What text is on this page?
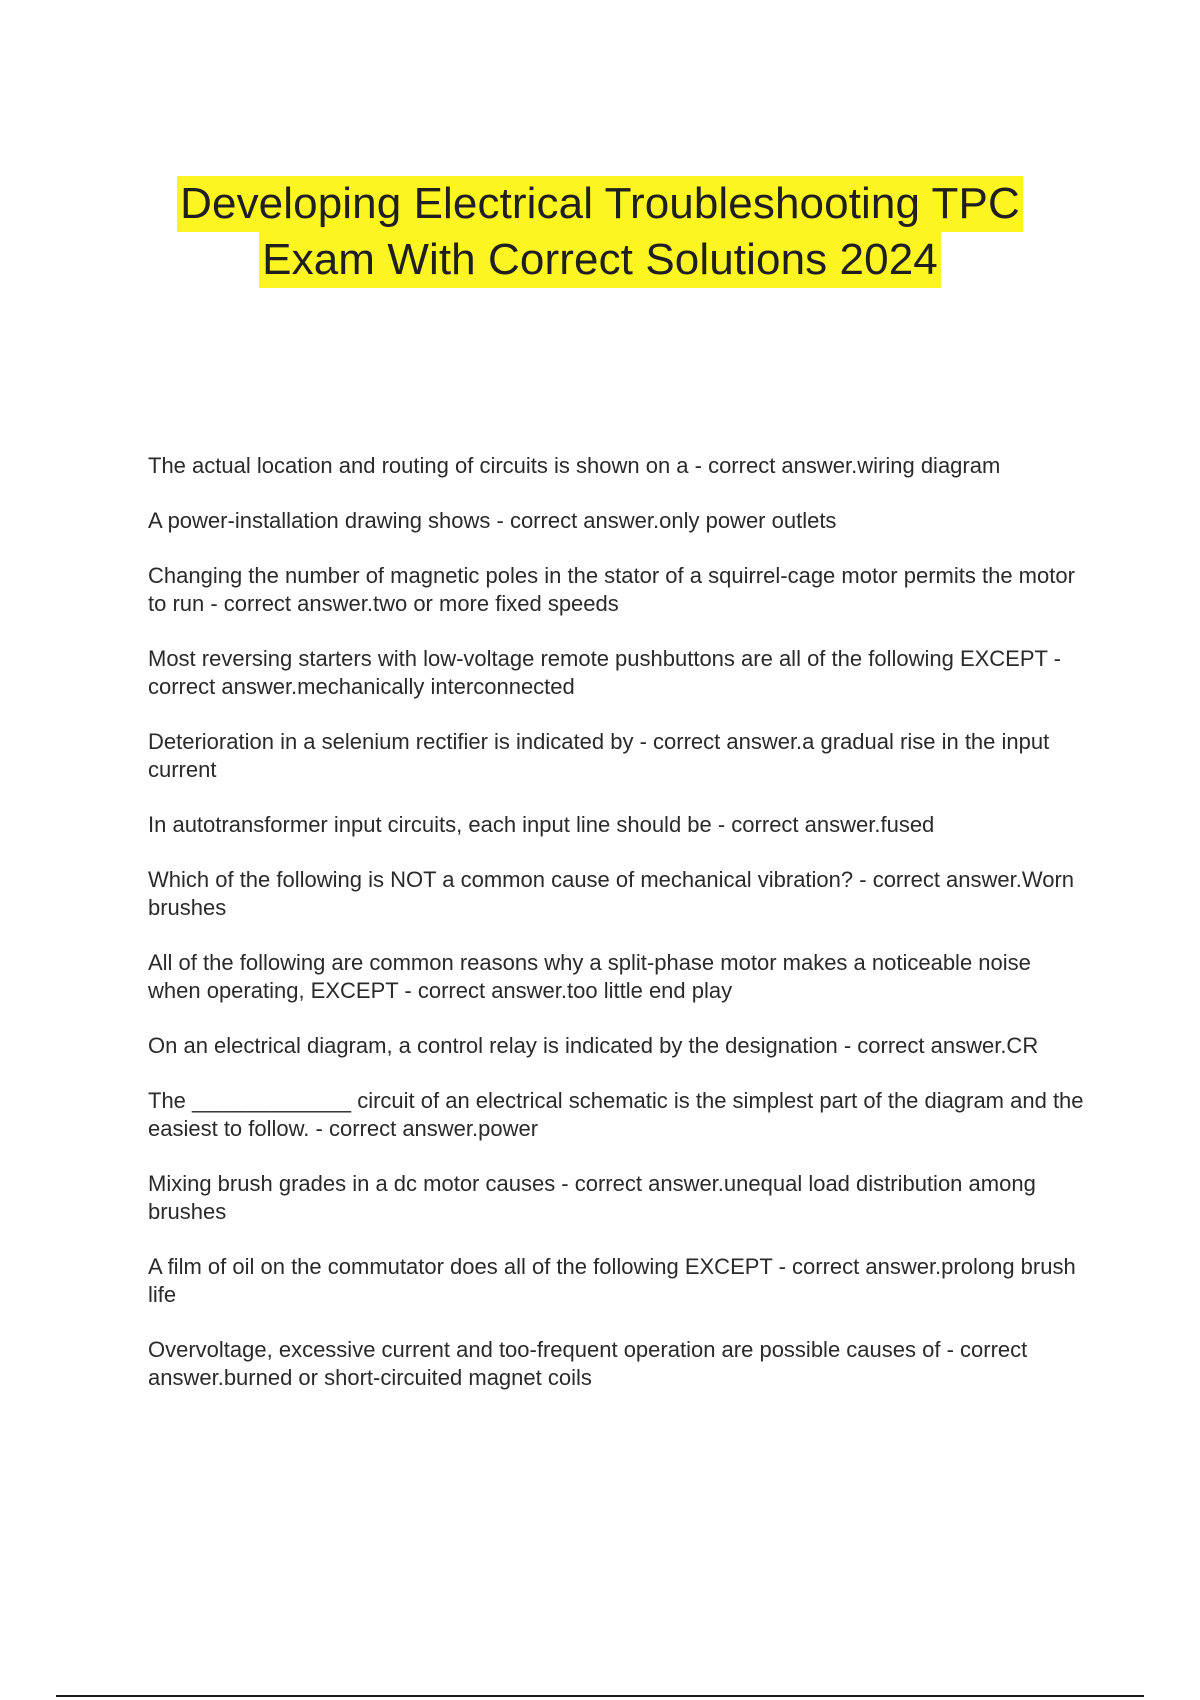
Developing Electrical Troubleshooting TPC
Exam With Correct Solutions 2024
The actual location and routing of circuits is shown on a - correct answer.wiring diagram
A power-installation drawing shows - correct answer.only power outlets
Changing the number of magnetic poles in the stator of a squirrel-cage motor permits the motor to run - correct answer.two or more fixed speeds
Most reversing starters with low-voltage remote pushbuttons are all of the following EXCEPT - correct answer.mechanically interconnected
Deterioration in a selenium rectifier is indicated by - correct answer.a gradual rise in the input current
In autotransformer input circuits, each input line should be - correct answer.fused
Which of the following is NOT a common cause of mechanical vibration? - correct answer.Worn brushes
All of the following are common reasons why a split-phase motor makes a noticeable noise when operating, EXCEPT - correct answer.too little end play
On an electrical diagram, a control relay is indicated by the designation - correct answer.CR
The _____________ circuit of an electrical schematic is the simplest part of the diagram and the easiest to follow. - correct answer.power
Mixing brush grades in a dc motor causes - correct answer.unequal load distribution among brushes
A film of oil on the commutator does all of the following EXCEPT - correct answer.prolong brush life
Overvoltage, excessive current and too-frequent operation are possible causes of - correct answer.burned or short-circuited magnet coils
